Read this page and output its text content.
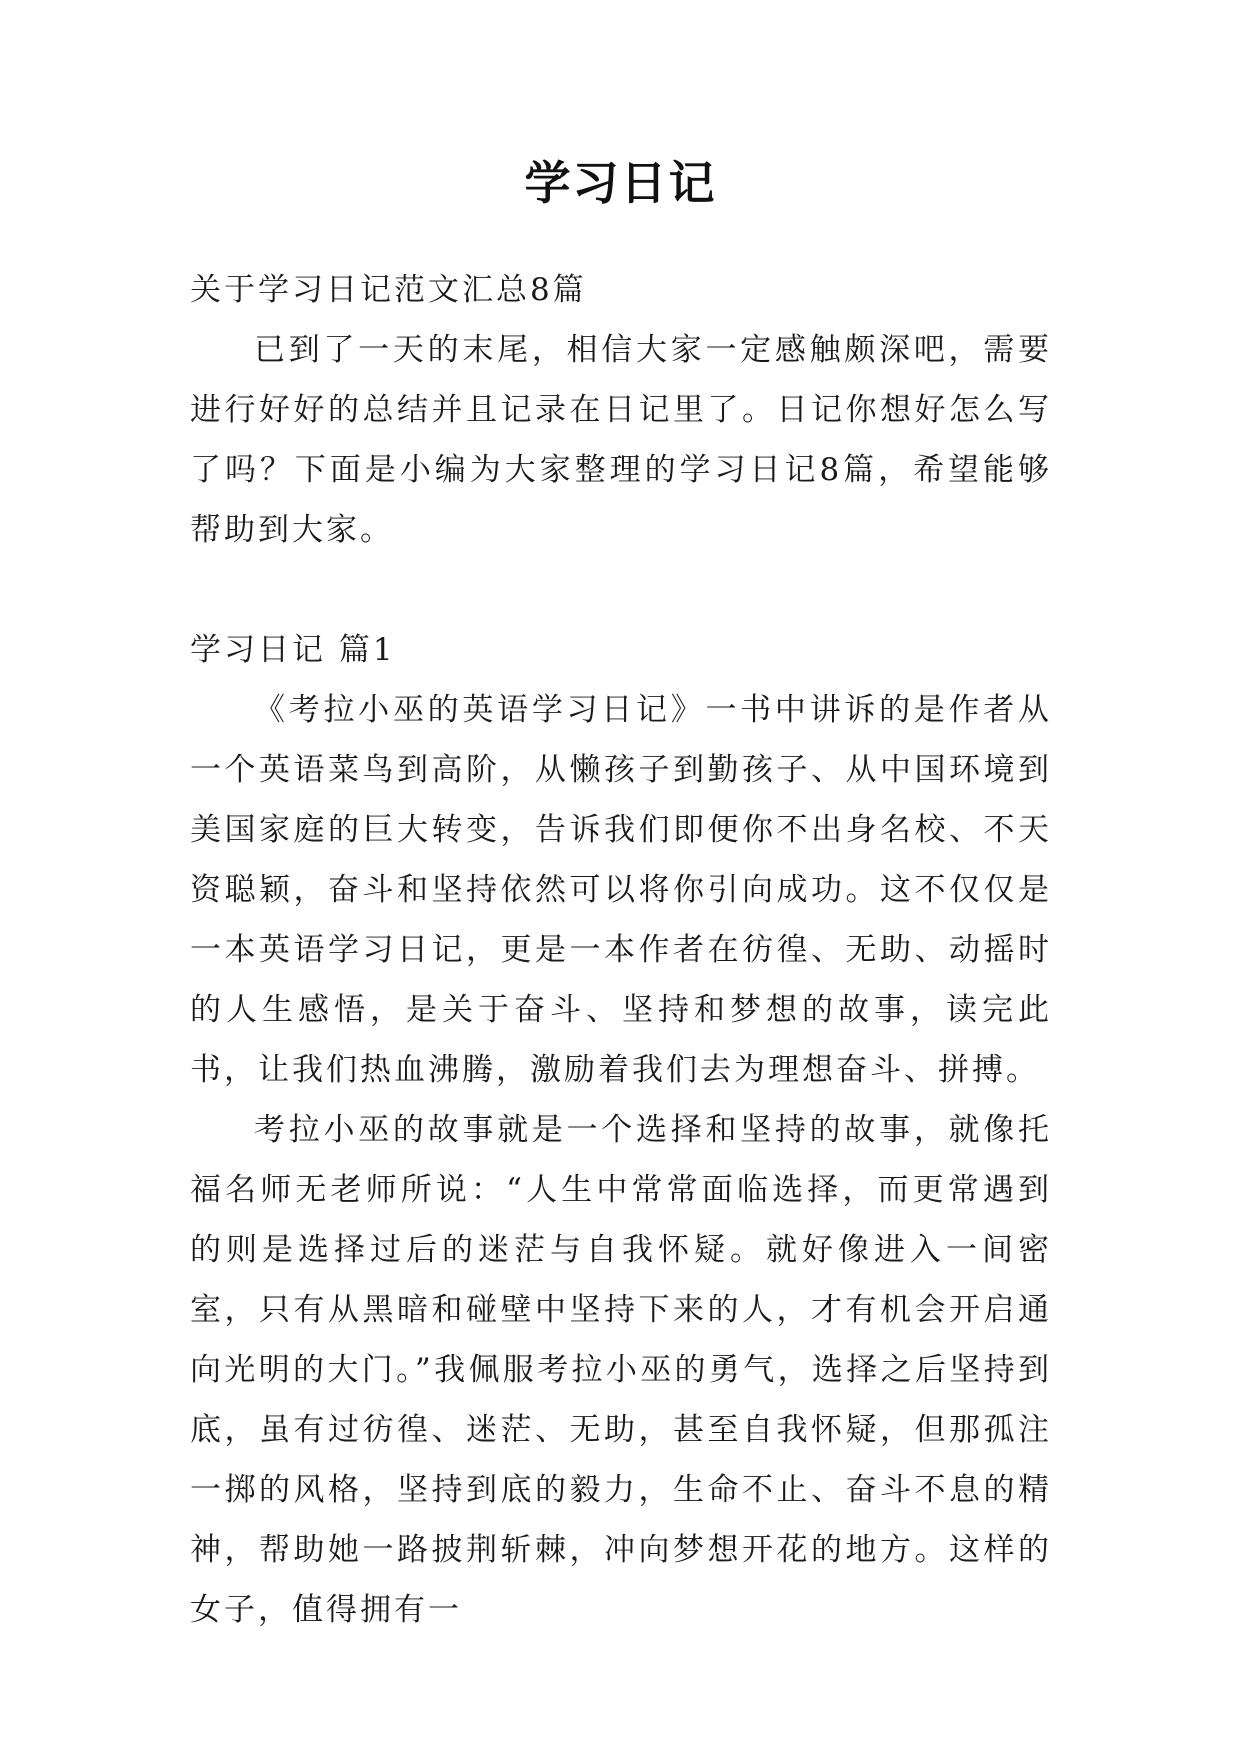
学习日记

关于学习日记范文汇总8篇

已到了一天的末尾，相信大家一定感触颇深吧，需要进行好好的总结并且记录在日记里了。日记你想好怎么写了吗？下面是小编为大家整理的学习日记8篇，希望能够帮助到大家。

学习日记 篇1

《考拉小巫的英语学习日记》一书中讲诉的是作者从一个英语菜鸟到高阶，从懒孩子到勤孩子、从中国环境到美国家庭的巨大转变，告诉我们即便你不出身名校、不天资聪颖，奋斗和坚持依然可以将你引向成功。这不仅仅是一本英语学习日记，更是一本作者在彷徨、无助、动摇时的人生感悟，是关于奋斗、坚持和梦想的故事，读完此书，让我们热血沸腾，激励着我们去为理想奋斗、拼搏。

考拉小巫的故事就是一个选择和坚持的故事，就像托福名师无老师所说：“人生中常常面临选择，而更常遇到的则是选择过后的迷茫与自我怀疑。就好像进入一间密室，只有从黑暗和碰壁中坚持下来的人，才有机会开启通向光明的大门。”我佩服考拉小巫的勇气，选择之后坚持到底，虽有过彷徨、迷茫、无助，甚至自我怀疑，但那孤注一掷的风格，坚持到底的毅力，生命不止、奋斗不息的精神，帮助她一路披荆斩棘，冲向梦想开花的地方。这样的女子，值得拥有一
